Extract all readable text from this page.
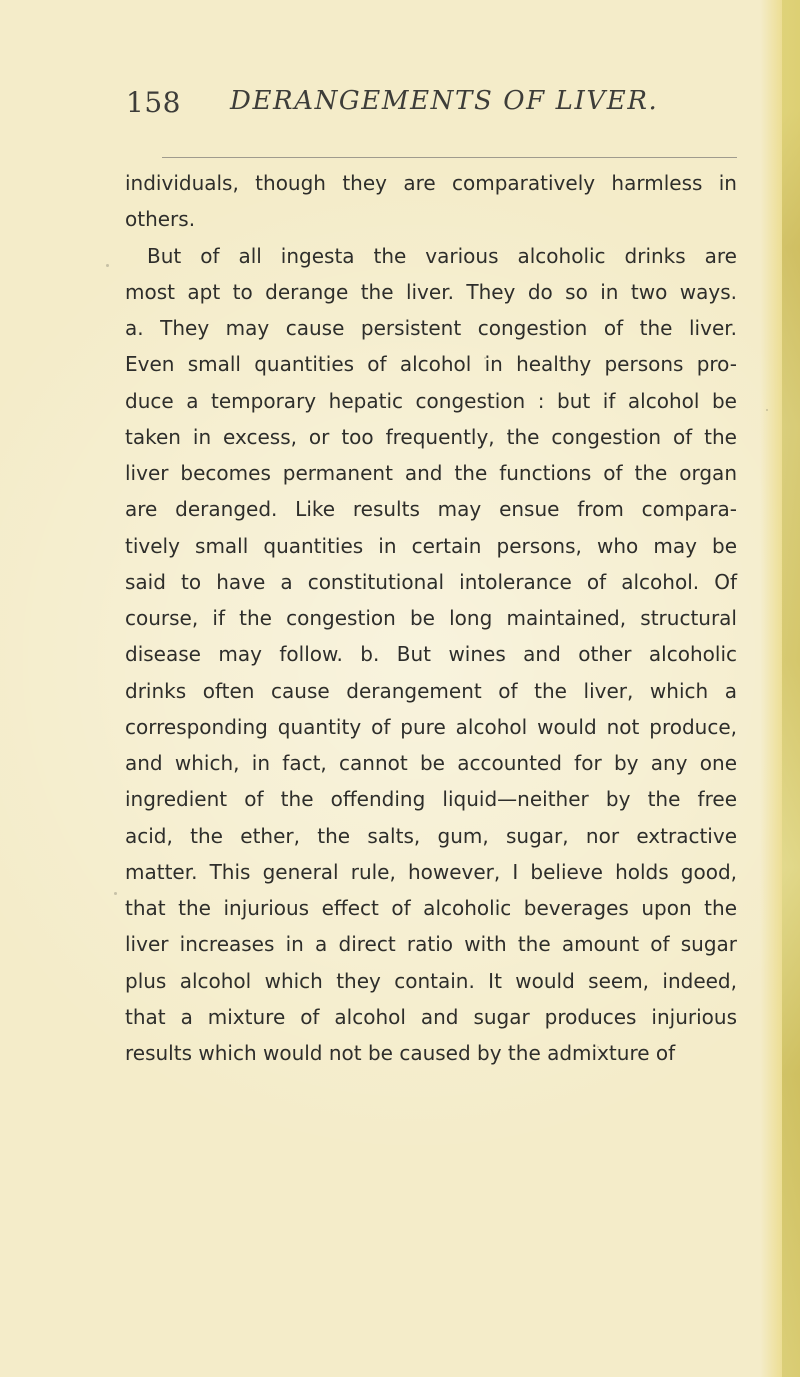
158 DERANGEMENTS OF LIVER.
individuals, though they are comparatively harmless in
others.
But of all ingesta the various alcoholic drinks are
most apt to derange the liver. They do so in two ways.
a. They may cause persistent congestion of the liver.
Even small quantities of alcohol in healthy persons pro-
duce a temporary hepatic congestion : but if alcohol be
taken in excess, or too frequently, the congestion of the
liver becomes permanent and the functions of the organ
are deranged. Like results may ensue from compara-
tively small quantities in certain persons, who may be
said to have a constitutional intolerance of alcohol. Of
course, if the congestion be long maintained, structural
disease may follow. b. But wines and other alcoholic
drinks often cause derangement of the liver, which a
corresponding quantity of pure alcohol would not produce,
and which, in fact, cannot be accounted for by any one
ingredient of the offending liquid—neither by the free
acid, the ether, the salts, gum, sugar, nor extractive
matter. This general rule, however, I believe holds good,
that the injurious effect of alcoholic beverages upon the
liver increases in a direct ratio with the amount of sugar
plus alcohol which they contain. It would seem, indeed,
that a mixture of alcohol and sugar produces injurious
results which would not be caused by the admixture of
